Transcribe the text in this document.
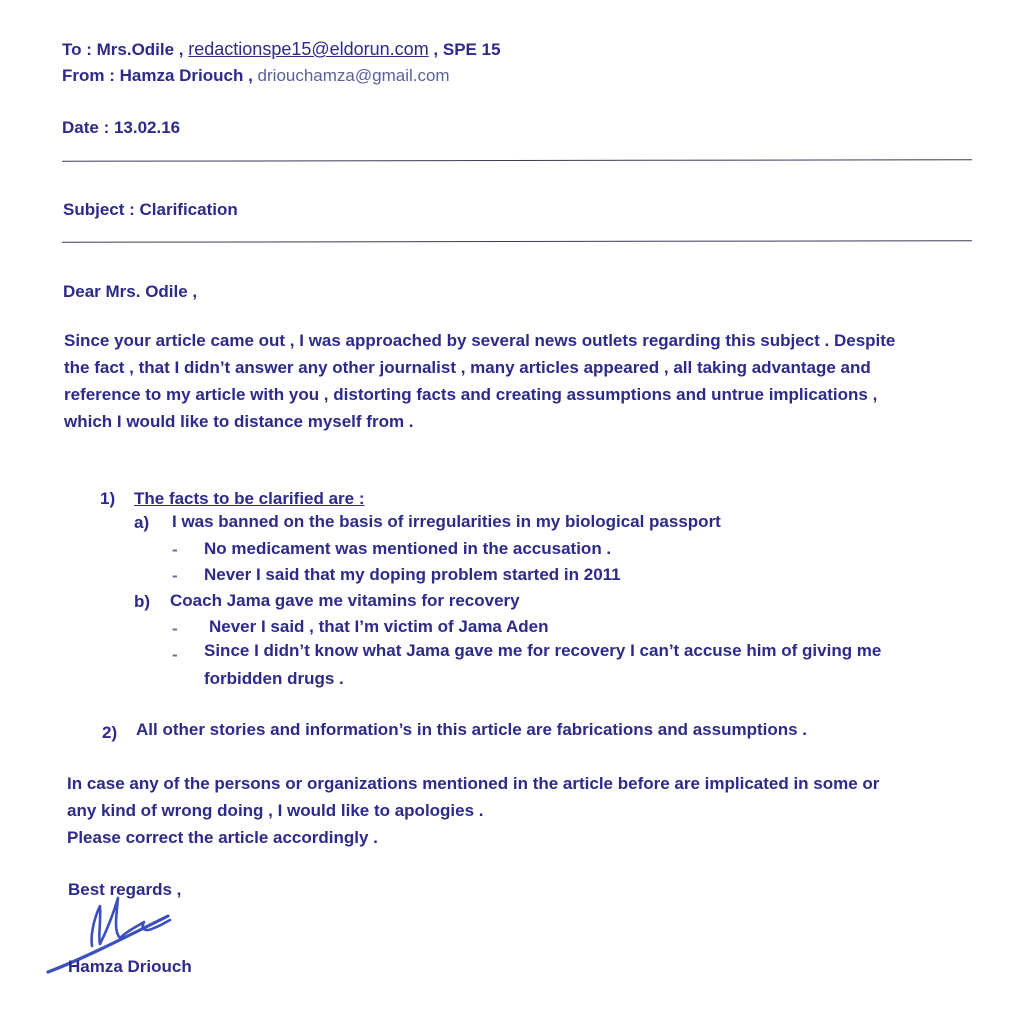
To : Mrs.Odile , redactionspe15@eldorun.com , SPE 15
From : Hamza Driouch , driouchamza@gmail.com
Date : 13.02.16
Subject : Clarification
Dear Mrs. Odile ,
Since your article came out , I was approached by several news outlets regarding this subject . Despite
the fact , that I didn’t answer any other journalist , many articles appeared , all taking advantage and
reference to my article with you , distorting facts and creating assumptions and untrue implications ,
which I would like to distance myself from .
1) The facts to be clarified are :
a) I was banned on the basis of irregularities in my biological passport
- No medicament was mentioned in the accusation .
- Never I said that my doping problem started in 2011
b) Coach Jama gave me vitamins for recovery
- Never I said , that I’m victim of Jama Aden
- Since I didn’t know what Jama gave me for recovery I can’t accuse him of giving me
forbidden drugs .
2) All other stories and information’s in this article are fabrications and assumptions .
In case any of the persons or organizations mentioned in the article before are implicated in some or
any kind of wrong doing , I would like to apologies .
Please correct the article accordingly .
Best regards ,
Hamza Driouch
